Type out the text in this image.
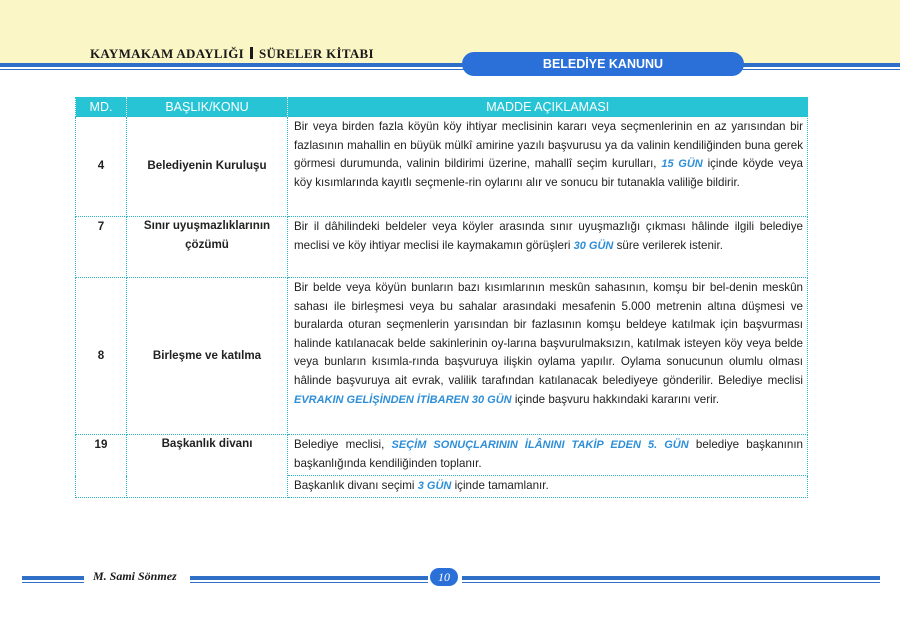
KAYMAKAM ADAYLIĞI SÜRELER KİTABI
BELEDİYE KANUNU
MD.	BAŞLIK/KONU	MADDE AÇIKLAMASI
4	Belediyenin Kuruluşu	Bir veya birden fazla köyün köy ihtiyar meclisinin kararı veya seçmenlerinin en az yarısından bir fazlasının mahallin en büyük mülkî amirine yazılı başvurusu ya da valinin kendiliğinden buna gerek görmesi durumunda, valinin bildirimi üzerine, mahallî seçim kurulları, 15 GÜN içinde köyde veya köy kısımlarında kayıtlı seçmenle-rin oylarını alır ve sonucu bir tutanakla valiliğe bildirir.
7	Sınır uyuşmazlıklarının çözümü	Bir il dâhilindeki beldeler veya köyler arasında sınır uyuşmazlığı çıkması hâlinde ilgili belediye meclisi ve köy ihtiyar meclisi ile kaymakamın görüşleri 30 GÜN süre verilerek istenir.
8	Birleşme ve katılma	Bir belde veya köyün bunların bazı kısımlarının meskûn sahasının, komşu bir bel-denin meskûn sahası ile birleşmesi veya bu sahalar arasındaki mesafenin 5.000 metrenin altına düşmesi ve buralarda oturan seçmenlerin yarısından bir fazlasının komşu beldeye katılmak için başvurması halinde katılanacak belde sakinlerinin oy-larına başvurulmaksızın, katılmak isteyen köy veya belde veya bunların kısımla-rında başvuruya ilişkin oylama yapılır. Oylama sonucunun olumlu olması hâlinde başvuruya ait evrak, valilik tarafından katılanacak belediyeye gönderilir. Belediye meclisi EVRAKIN GELİŞİNDEN İTİBAREN 30 GÜN içinde başvuru hakkındaki kararını verir.
19	Başkanlık divanı	Belediye meclisi, SEÇİM SONUÇLARININ İLÂNINI TAKİP EDEN 5. GÜN belediye başkanının başkanlığında kendiliğinden toplanır.
		Başkanlık divanı seçimi 3 GÜN içinde tamamlanır.
M. Sami Sönmez	10
